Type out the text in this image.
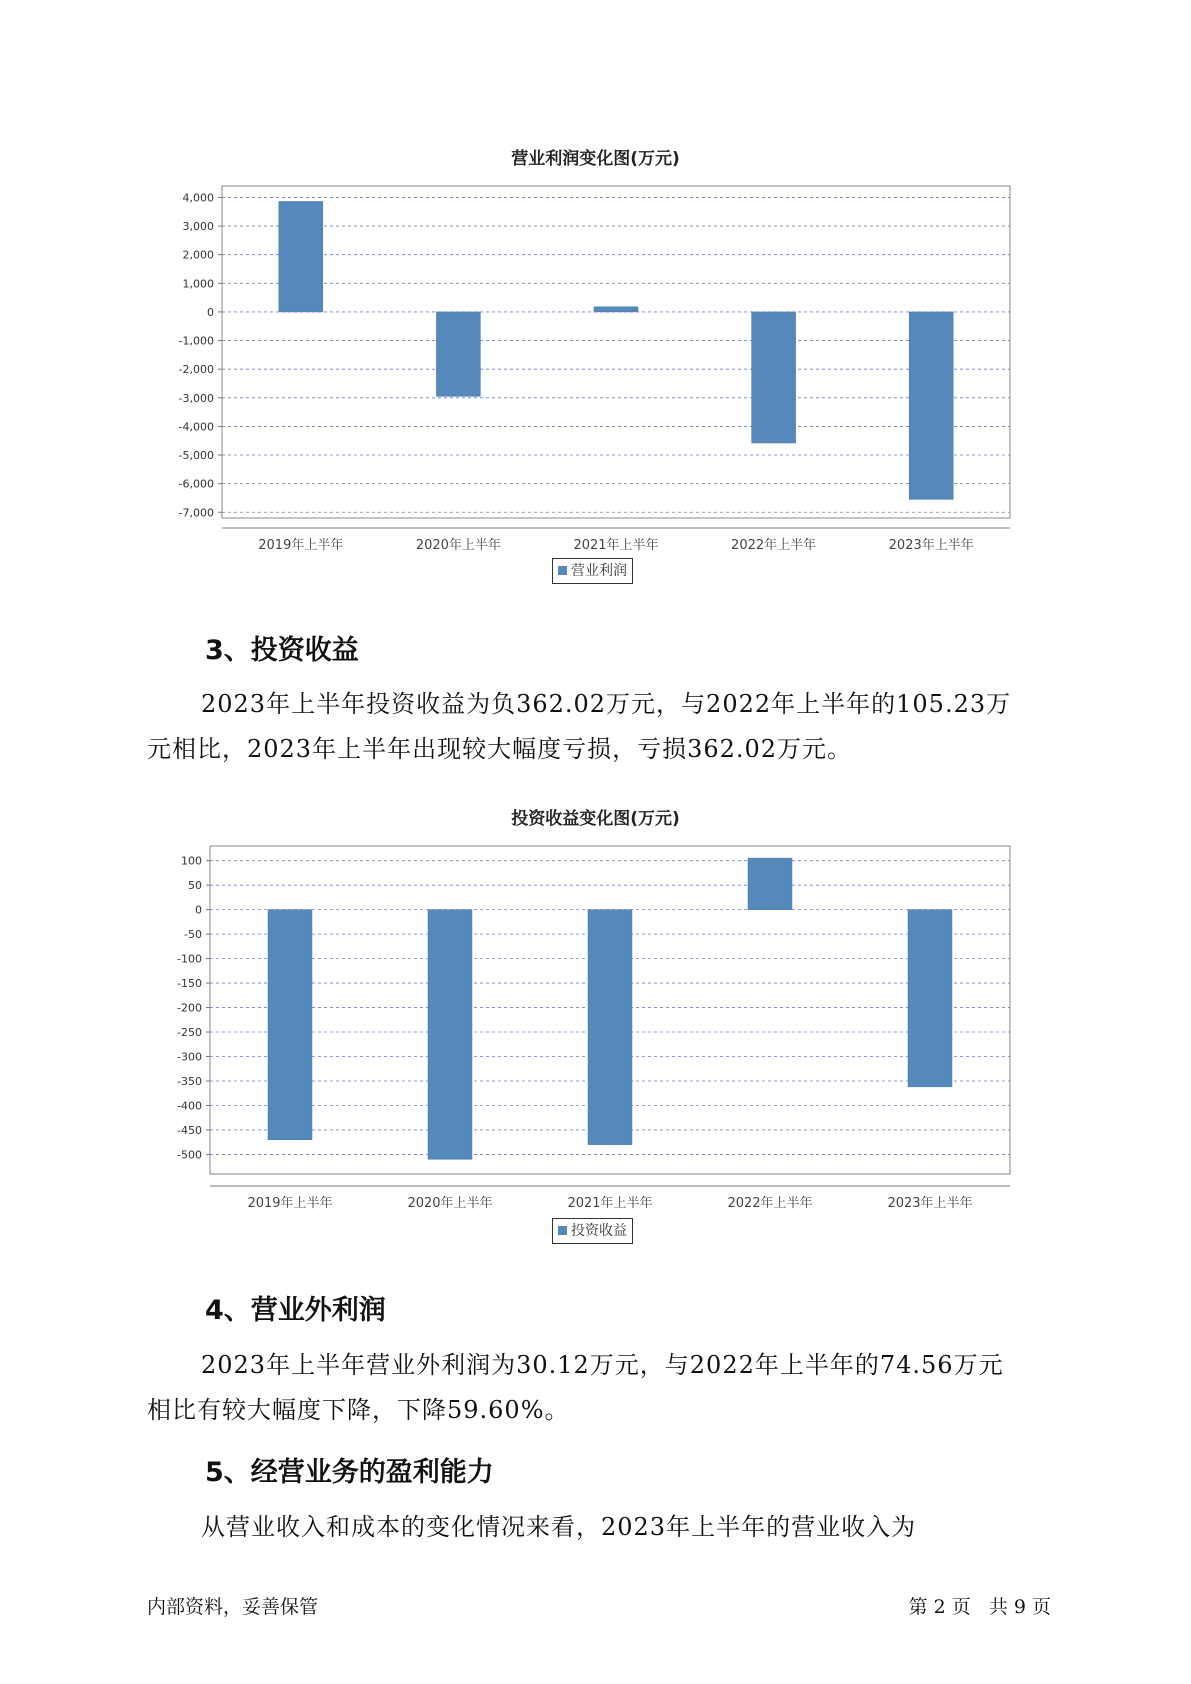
营业利润变化图(万元)
4,000
3,000
2,000
1,000
0
-1,000
-2,000
-3,000
-4,000
-5,000
-6,000
-7,000
2019年上半年	2020年上半年	2021年上半年	2022年上半年	2023年上半年
营业利润
3、投资收益
2023年上半年投资收益为负362.02万元，与2022年上半年的105.23万
元相比，2023年上半年出现较大幅度亏损，亏损362.02万元。
投资收益变化图(万元)
100
50
0
-50
-100
-150
-200
-250
-300
-350
-400
-450
-500
2019年上半年	2020年上半年	2021年上半年	2022年上半年	2023年上半年
投资收益
4、营业外利润
2023年上半年营业外利润为30.12万元，与2022年上半年的74.56万元
相比有较大幅度下降，下降59.60%。
5、经营业务的盈利能力
从营业收入和成本的变化情况来看，2023年上半年的营业收入为
内部资料，妥善保管	第 2 页   共 9 页
